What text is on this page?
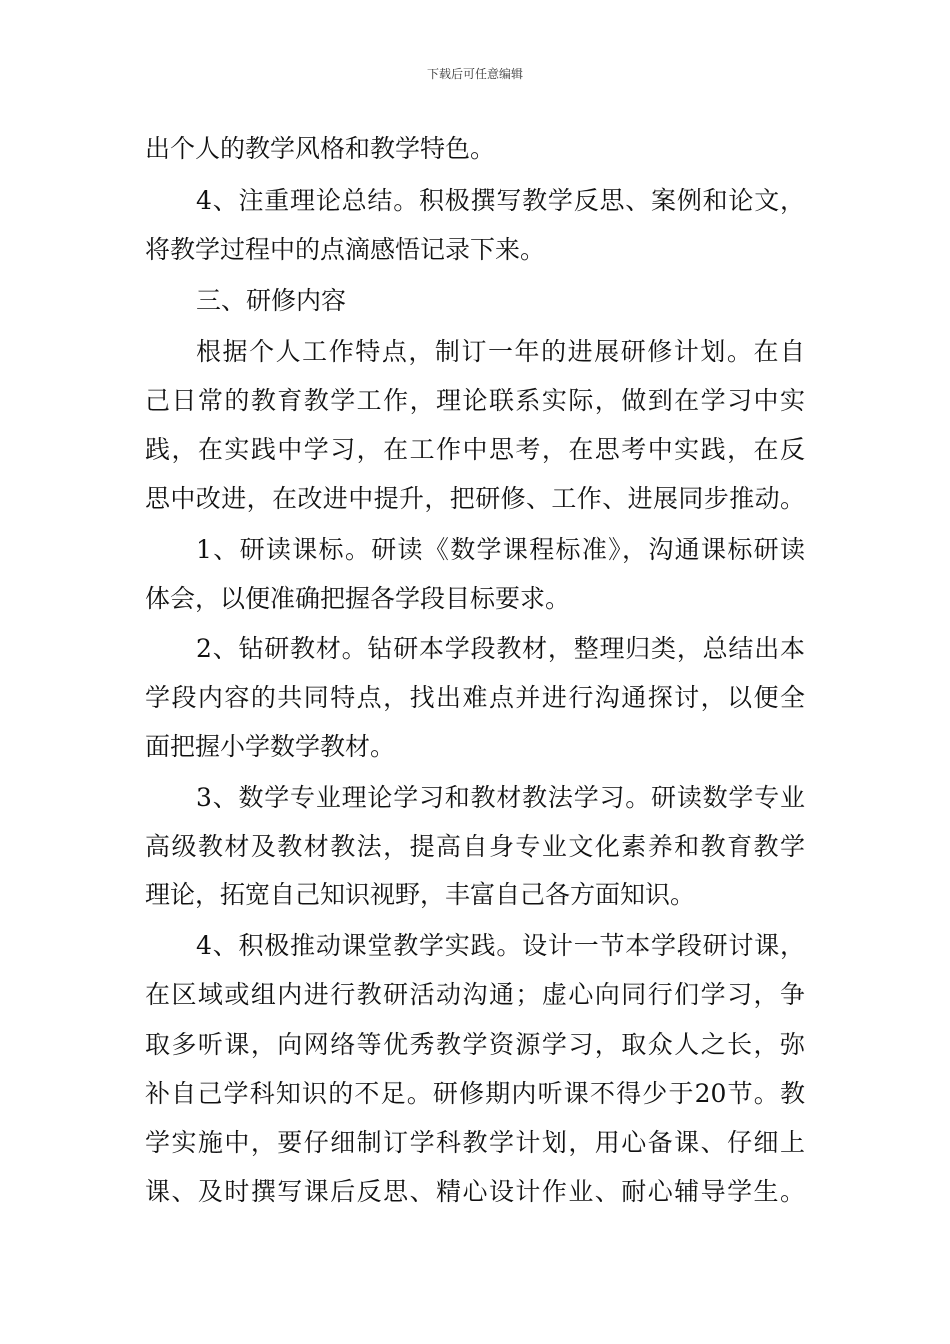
下载后可任意编辑
出个人的教学风格和教学特色。
4、注重理论总结。积极撰写教学反思、案例和论文，
将教学过程中的点滴感悟记录下来。
三、研修内容
根据个人工作特点，制订一年的进展研修计划。在自
己日常的教育教学工作，理论联系实际，做到在学习中实
践，在实践中学习，在工作中思考，在思考中实践，在反
思中改进，在改进中提升，把研修、工作、进展同步推动。
1、研读课标。研读《数学课程标准》，沟通课标研读
体会，以便准确把握各学段目标要求。
2、钻研教材。钻研本学段教材，整理归类，总结出本
学段内容的共同特点，找出难点并进行沟通探讨，以便全
面把握小学数学教材。
3、数学专业理论学习和教材教法学习。研读数学专业
高级教材及教材教法，提高自身专业文化素养和教育教学
理论，拓宽自己知识视野，丰富自己各方面知识。
4、积极推动课堂教学实践。设计一节本学段研讨课，
在区域或组内进行教研活动沟通；虚心向同行们学习，争
取多听课，向网络等优秀教学资源学习，取众人之长，弥
补自己学科知识的不足。研修期内听课不得少于20节。教
学实施中，要仔细制订学科教学计划，用心备课、仔细上
课、及时撰写课后反思、精心设计作业、耐心辅导学生。
